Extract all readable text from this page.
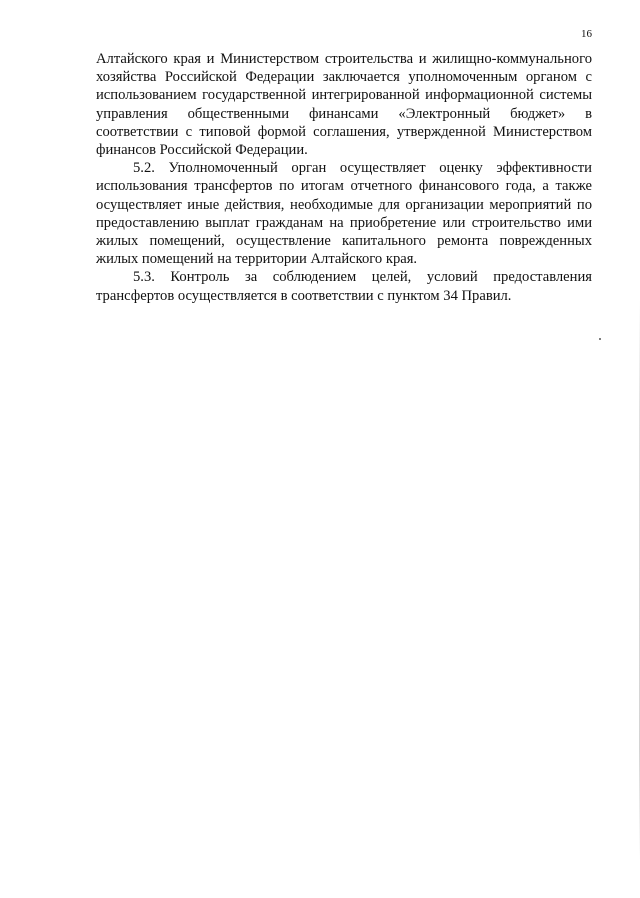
16

Алтайского края и Министерством строительства и жилищно-коммунального хозяйства Российской Федерации заключается уполномоченным органом с использованием государственной интегрированной информационной системы управления общественными финансами «Электронный бюджет» в соответствии с типовой формой соглашения, утвержденной Министерством финансов Российской Федерации.

5.2. Уполномоченный орган осуществляет оценку эффективности использования трансфертов по итогам отчетного финансового года, а также осуществляет иные действия, необходимые для организации мероприятий по предоставлению выплат гражданам на приобретение или строительство ими жилых помещений, осуществление капитального ремонта поврежденных жилых помещений на территории Алтайского края.

5.3. Контроль за соблюдением целей, условий предоставления трансфертов осуществляется в соответствии с пунктом 34 Правил.
